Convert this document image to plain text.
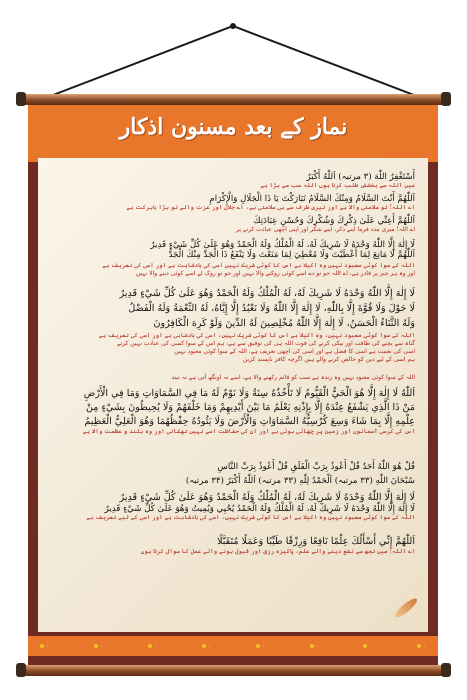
نماز کے بعد مسنون اذکار
أَسْتَغْفِرُ اللّٰهَ (۳ مرتبہ) اَللّٰهُ أَكْبَرُ
میں اللہ سے بخشش طلب کرتا ہوں اللہ سب سے بڑا ہے
اَللّٰهُمَّ أَنْتَ السَّلَامُ وَمِنْكَ السَّلَامُ تَبَارَكْتَ يَا ذَا الْجَلَالِ وَالْإِكْرَامِ
اے اللہ! تو سلامتی والا ہے اور تیری طرف سے ہی سلامتی ہے، اے جلال اور عزت والے تو بڑا بابرکت ہے
اَللّٰهُمَّ أَعِنِّي عَلَىٰ ذِكْرِكَ وَشُكْرِكَ وَحُسْنِ عِبَادَتِكَ
اے اللہ! میری مدد فرما اپنے ذکر، اپنے شکر اور اپنی اچھی عبادت کرنے پر
لَا إِلٰهَ إِلَّا اللّٰهُ وَحْدَهُ لَا شَرِيكَ لَهُ، لَهُ الْمُلْكُ وَلَهُ الْحَمْدُ وَهُوَ عَلَىٰ كُلِّ شَيْءٍ قَدِيرٌ
اَللّٰهُمَّ لَا مَانِعَ لِمَا أَعْطَيْتَ وَلَا مُعْطِيَ لِمَا مَنَعْتَ وَلَا يَنْفَعُ ذَا الْجَدِّ مِنْكَ الْجَدُّ
اللہ کے سوا کوئی معبود نہیں وہ اکیلا ہے اس کا کوئی شریک نہیں اسی کی بادشاہت ہے اور اسی کی تعریف ہے
اور وہ ہر چیز پر قادر ہے، اے اللہ جو تو دے اسے کوئی روکنے والا نہیں اور جو تو روک لے اسے کوئی دینے والا نہیں
لَا إِلٰهَ إِلَّا اللّٰهُ وَحْدَهُ لَا شَرِيكَ لَهُ، لَهُ الْمُلْكُ وَلَهُ الْحَمْدُ وَهُوَ عَلَىٰ كُلِّ شَيْءٍ قَدِيرٌ
لَا حَوْلَ وَلَا قُوَّةَ إِلَّا بِاللّٰهِ، لَا إِلٰهَ إِلَّا اللّٰهُ وَلَا نَعْبُدُ إِلَّا إِيَّاهُ، لَهُ النِّعْمَةُ وَلَهُ الْفَضْلُ
وَلَهُ الثَّنَاءُ الْحَسَنُ، لَا إِلٰهَ إِلَّا اللّٰهُ مُخْلِصِينَ لَهُ الدِّينَ وَلَوْ كَرِهَ الْكَافِرُونَ
اللہ کے سوا کوئی معبود نہیں، وہ اکیلا ہے اس کا کوئی شریک نہیں، اسی کی بادشاہی ہے اور اسی کی تعریف ہے
گناہ سے بچنے کی طاقت اور نیکی کرنے کی قوت اللہ ہی کی توفیق سے ہے، ہم اس کے سوا کسی کی عبادت نہیں کرتے
اسی کی نعمت ہے اسی کا فضل ہے اور اسی کی اچھی تعریف ہے، اللہ کے سوا کوئی معبود نہیں
ہم اسی کے لیے دین کو خالص کرنے والے ہیں اگرچہ کافر ناپسند کریں
اللہ کے سوا کوئی معبود نہیں وہ زندہ ہے سب کو قائم رکھنے والا ہے، اسے نہ اونگھ آتی ہے نہ نیند
اَللّٰهُ لَا إِلٰهَ إِلَّا هُوَ الْحَيُّ الْقَيُّومُ لَا تَأْخُذُهُ سِنَةٌ وَلَا نَوْمٌ لَهُ مَا فِي السَّمَاوَاتِ وَمَا فِي الْأَرْضِ
مَنْ ذَا الَّذِي يَشْفَعُ عِنْدَهُ إِلَّا بِإِذْنِهِ يَعْلَمُ مَا بَيْنَ أَيْدِيهِمْ وَمَا خَلْفَهُمْ وَلَا يُحِيطُونَ بِشَيْءٍ مِنْ
عِلْمِهِ إِلَّا بِمَا شَاءَ وَسِعَ كُرْسِيُّهُ السَّمَاوَاتِ وَالْأَرْضَ وَلَا يَئُودُهُ حِفْظُهُمَا وَهُوَ الْعَلِيُّ الْعَظِيمُ
اس کی کرسی آسمانوں اور زمین پر چھائی ہوئی ہے اور ان کی حفاظت اسے نہیں تھکاتی اور وہ بلند و عظمت والا ہے
قُلْ هُوَ اللّٰهُ أَحَدٌ قُلْ أَعُوذُ بِرَبِّ الْفَلَقِ قُلْ أَعُوذُ بِرَبِّ النَّاسِ
سُبْحَانَ اللّٰهِ (۳۳ مرتبہ) اَلْحَمْدُ لِلّٰهِ (۳۳ مرتبہ) اَللّٰهُ أَكْبَرُ (۳۴ مرتبہ)
لَا إِلٰهَ إِلَّا اللّٰهُ وَحْدَهُ لَا شَرِيكَ لَهُ، لَهُ الْمُلْكُ وَلَهُ الْحَمْدُ وَهُوَ عَلَىٰ كُلِّ شَيْءٍ قَدِيرٌ
لَا إِلٰهَ إِلَّا اللّٰهُ وَحْدَهُ لَا شَرِيكَ لَهُ، لَهُ الْمُلْكُ وَلَهُ الْحَمْدُ يُحْيِي وَيُمِيتُ وَهُوَ عَلَىٰ كُلِّ شَيْءٍ قَدِيرٌ
اللہ کے سوا کوئی معبود نہیں وہ اکیلا ہے اس کا کوئی شریک نہیں، اسی کی بادشاہت ہے اور اسی کے لیے تعریف ہے
اَللّٰهُمَّ إِنِّي أَسْأَلُكَ عِلْمًا نَافِعًا وَرِزْقًا طَيِّبًا وَعَمَلًا مُتَقَبَّلًا
اے اللہ! میں تجھ سے نفع دینے والے علم، پاکیزہ رزق اور قبول ہونے والے عمل کا سوال کرتا ہوں
◦	◦	◦	◦	◦	◦	◦	◦
